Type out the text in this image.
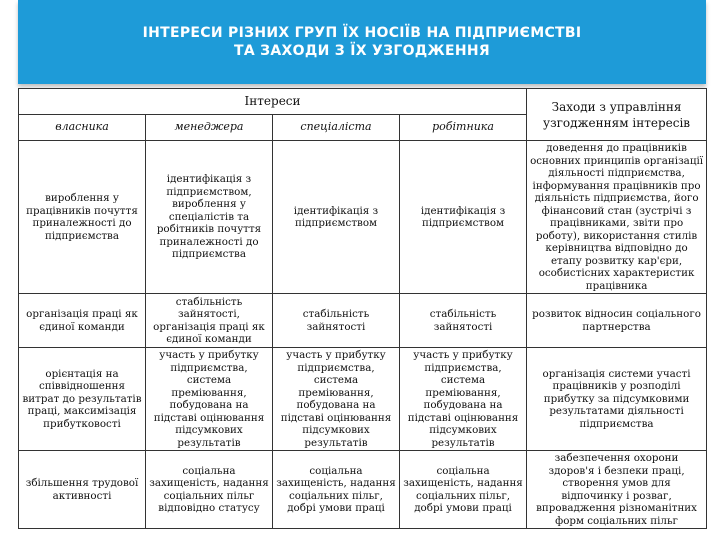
ІНТЕРЕСИ РІЗНИХ ГРУП ЇХ НОСІЇВ НА ПІДПРИЄМСТВІ
ТА ЗАХОДИ З ЇХ УЗГОДЖЕННЯ
Інтереси				Заходи з управління узгодженням інтересів
власника	менеджера	спеціаліста	робітника	
вироблення у працівників почуття приналежності до підприємства	ідентифікація з підприємством, вироблення у спеціалістів та робітників почуття приналежності до підприємства	ідентифікація з підприємством	ідентифікація з підприємством	доведення до працівників основних принципів організації діяльності підприємства, інформування працівників про діяльність підприємства, його фінансовий стан (зустрічі з працівниками, звіти про роботу), використання стилів керівництва відповідно до етапу розвитку кар'єри, особистісних характеристик працівника
організація праці як єдиної команди	стабільність зайнятості, організація праці як єдиної команди	стабільність зайнятості	стабільність зайнятості	розвиток відносин соціального партнерства
орієнтація на співвідношення витрат до результатів праці, максимізація прибутковості	участь у прибутку підприємства, система преміювання, побудована на підставі оцінювання підсумкових результатів	участь у прибутку підприємства, система преміювання, побудована на підставі оцінювання підсумкових результатів	участь у прибутку підприємства, система преміювання, побудована на підставі оцінювання підсумкових результатів	організація системи участі працівників у розподілі прибутку за підсумковими результатами діяльності підприємства
збільшення трудової активності	соціальна захищеність, надання соціальних пільг відповідно статусу	соціальна захищеність, надання соціальних пільг, добрі умови праці	соціальна захищеність, надання соціальних пільг, добрі умови праці	забезпечення охорони здоров'я і безпеки праці, створення умов для відпочинку і розваг, впровадження різноманітних форм соціальних пільг
